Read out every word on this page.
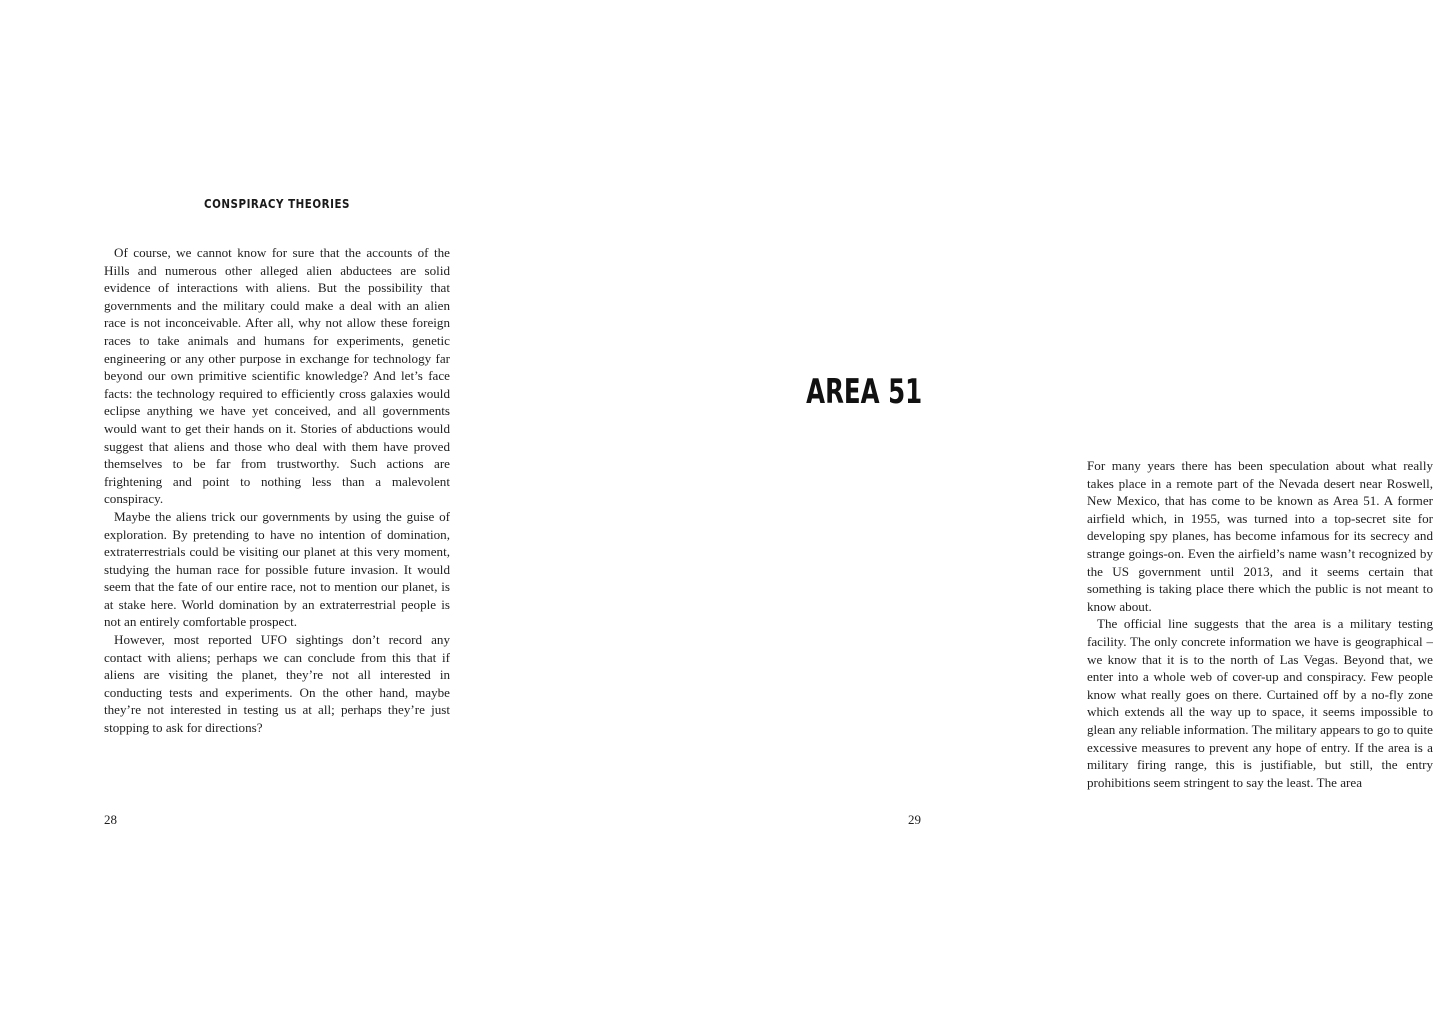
CONSPIRACY THEORIES

Of course, we cannot know for sure that the accounts of the Hills and numerous other alleged alien abductees are solid evidence of interactions with aliens. But the possibility that governments and the military could make a deal with an alien race is not inconceivable. After all, why not allow these foreign races to take animals and humans for experiments, genetic engineering or any other purpose in exchange for technology far beyond our own primitive scientific knowledge? And let’s face facts: the technology required to efficiently cross galaxies would eclipse anything we have yet conceived, and all governments would want to get their hands on it. Stories of abductions would suggest that aliens and those who deal with them have proved themselves to be far from trustworthy. Such actions are frightening and point to nothing less than a malevolent conspiracy.

Maybe the aliens trick our governments by using the guise of exploration. By pretending to have no intention of domination, extraterrestrials could be visiting our planet at this very moment, studying the human race for possible future invasion. It would seem that the fate of our entire race, not to mention our planet, is at stake here. World domination by an extraterrestrial people is not an entirely comfortable prospect.

However, most reported UFO sightings don’t record any contact with aliens; perhaps we can conclude from this that if aliens are visiting the planet, they’re not all interested in conducting tests and experiments. On the other hand, maybe they’re not interested in testing us at all; perhaps they’re just stopping to ask for directions?

28

For many years there has been speculation about what really takes place in a remote part of the Nevada desert near Roswell, New Mexico, that has come to be known as Area 51. A former airfield which, in 1955, was turned into a top-secret site for developing spy planes, has become infamous for its secrecy and strange goings-on. Even the airfield’s name wasn’t recognized by the US government until 2013, and it seems certain that something is taking place there which the public is not meant to know about.

The official line suggests that the area is a military testing facility. The only concrete information we have is geographical – we know that it is to the north of Las Vegas. Beyond that, we enter into a whole web of cover-up and conspiracy. Few people know what really goes on there. Curtained off by a no-fly zone which extends all the way up to space, it seems impossible to glean any reliable information. The military appears to go to quite excessive measures to prevent any hope of entry. If the area is a military firing range, this is justifiable, but still, the entry prohibitions seem stringent to say the least. The area

29
AREA 51
